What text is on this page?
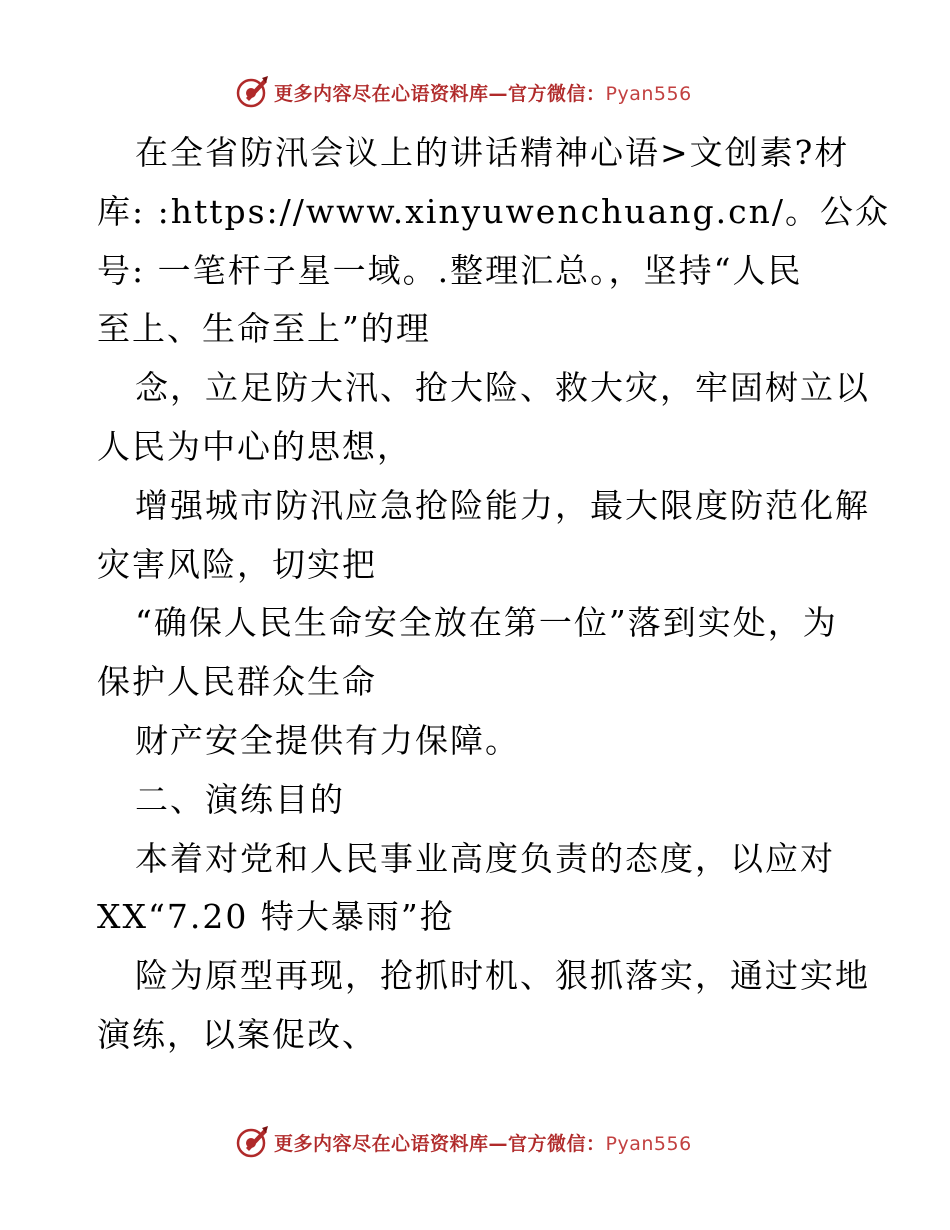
更多内容尽在心语资料库—官方微信：Pyan556
在全省防汛会议上的讲话精神心语>文创素?材
库: :https://www.xinyuwenchuang.cn/。公众
号: 一笔杆子星一域。.整理汇总。，坚持“人民
至上、生命至上”的理
念，立足防大汛、抢大险、救大灾，牢固树立以
人民为中心的思想，
增强城市防汛应急抢险能力，最大限度防范化解
灾害风险，切实把
“确保人民生命安全放在第一位”落到实处，为
保护人民群众生命
财产安全提供有力保障。
二、演练目的
本着对党和人民事业高度负责的态度，以应对
XX“7.20 特大暴雨”抢
险为原型再现，抢抓时机、狠抓落实，通过实地
演练，以案促改、
更多内容尽在心语资料库—官方微信：Pyan556
